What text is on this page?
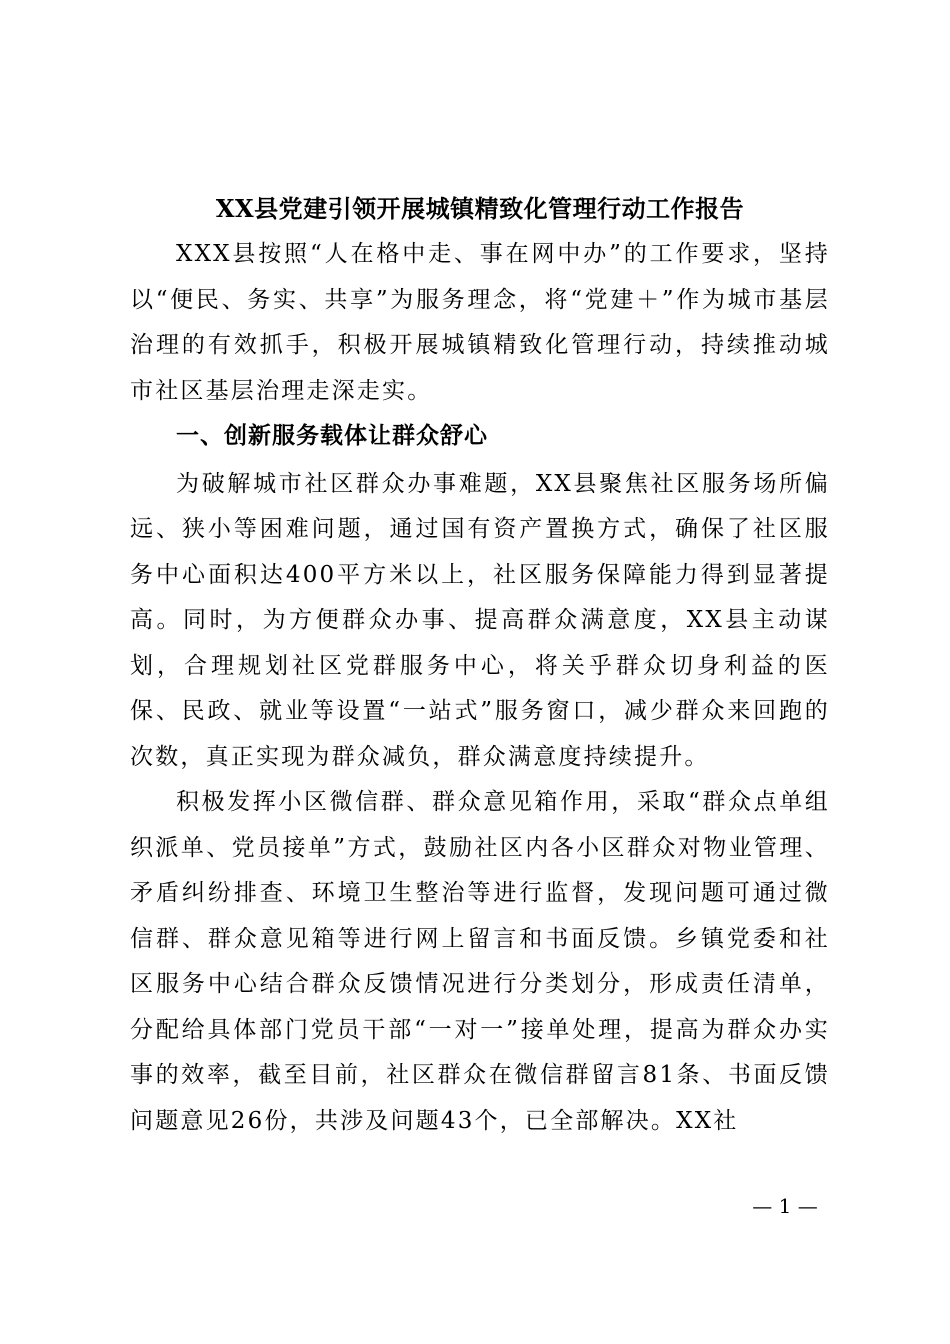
XX县党建引领开展城镇精致化管理行动工作报告

XXX县按照“人在格中走、事在网中办”的工作要求，坚持以“便民、务实、共享”为服务理念，将“党建＋”作为城市基层治理的有效抓手，积极开展城镇精致化管理行动，持续推动城市社区基层治理走深走实。

一、创新服务载体让群众舒心

为破解城市社区群众办事难题，XX县聚焦社区服务场所偏远、狭小等困难问题，通过国有资产置换方式，确保了社区服务中心面积达400平方米以上，社区服务保障能力得到显著提高。同时，为方便群众办事、提高群众满意度，XX县主动谋划，合理规划社区党群服务中心，将关乎群众切身利益的医保、民政、就业等设置“一站式”服务窗口，减少群众来回跑的次数，真正实现为群众减负，群众满意度持续提升。

积极发挥小区微信群、群众意见箱作用，采取“群众点单组织派单、党员接单”方式，鼓励社区内各小区群众对物业管理、矛盾纠纷排查、环境卫生整治等进行监督，发现问题可通过微信群、群众意见箱等进行网上留言和书面反馈。乡镇党委和社区服务中心结合群众反馈情况进行分类划分，形成责任清单，分配给具体部门党员干部“一对一”接单处理，提高为群众办实事的效率，截至目前，社区群众在微信群留言81条、书面反馈问题意见26份，共涉及问题43个，已全部解决。XX社

— 1 —
